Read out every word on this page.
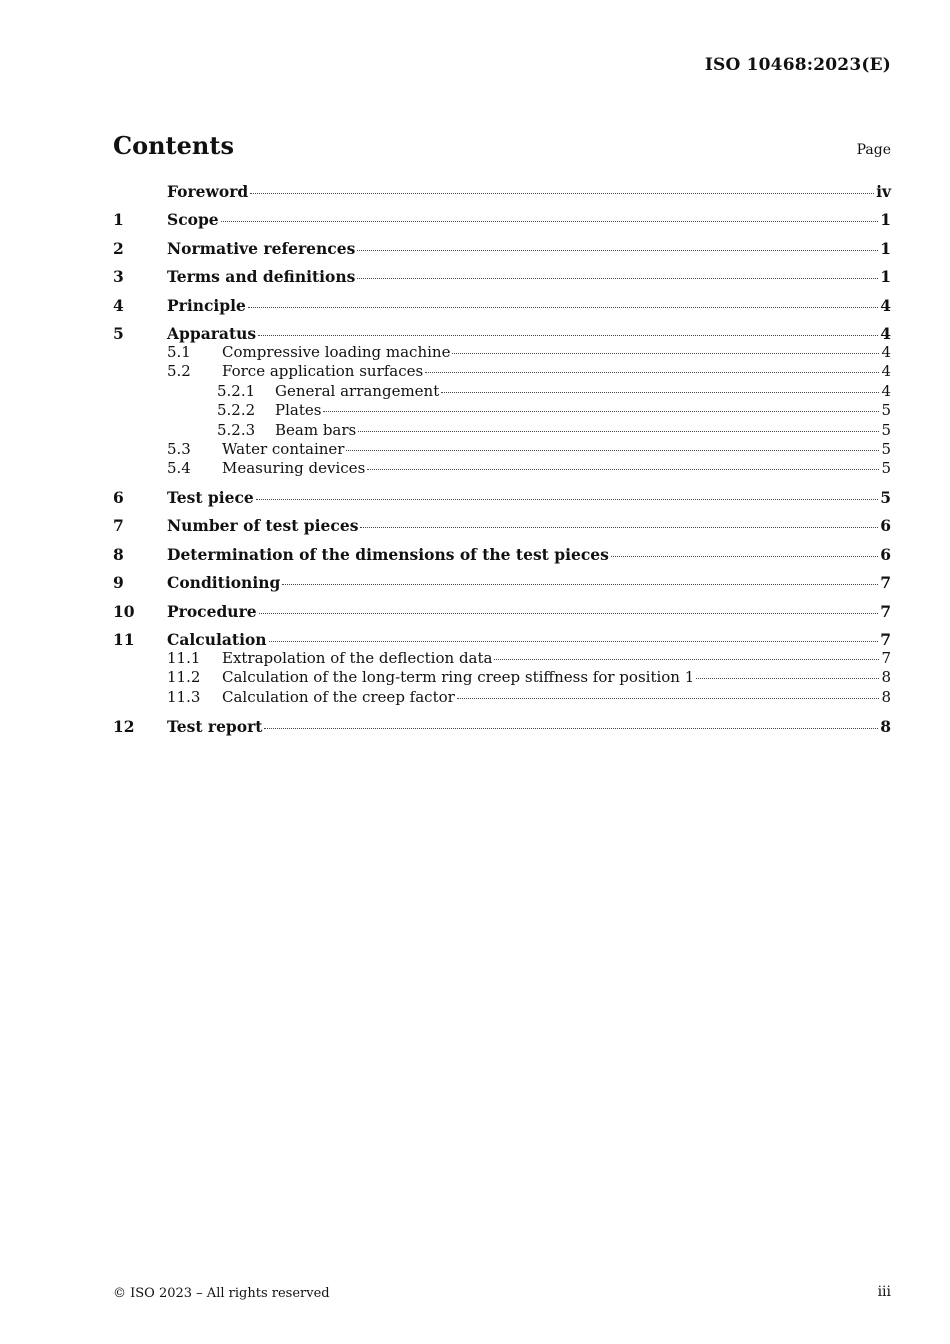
ISO 10468:2023(E)
Contents	Page
Foreword	iv
1	Scope	1
2	Normative references	1
3	Terms and definitions	1
4	Principle	4
5	Apparatus	4
5.1	Compressive loading machine	4
5.2	Force application surfaces	4
5.2.1	General arrangement	4
5.2.2	Plates	5
5.2.3	Beam bars	5
5.3	Water container	5
5.4	Measuring devices	5
6	Test piece	5
7	Number of test pieces	6
8	Determination of the dimensions of the test pieces	6
9	Conditioning	7
10	Procedure	7
11	Calculation	7
11.1	Extrapolation of the deflection data	7
11.2	Calculation of the long-term ring creep stiffness for position 1	8
11.3	Calculation of the creep factor	8
12	Test report	8
© ISO 2023 – All rights reserved	iii
